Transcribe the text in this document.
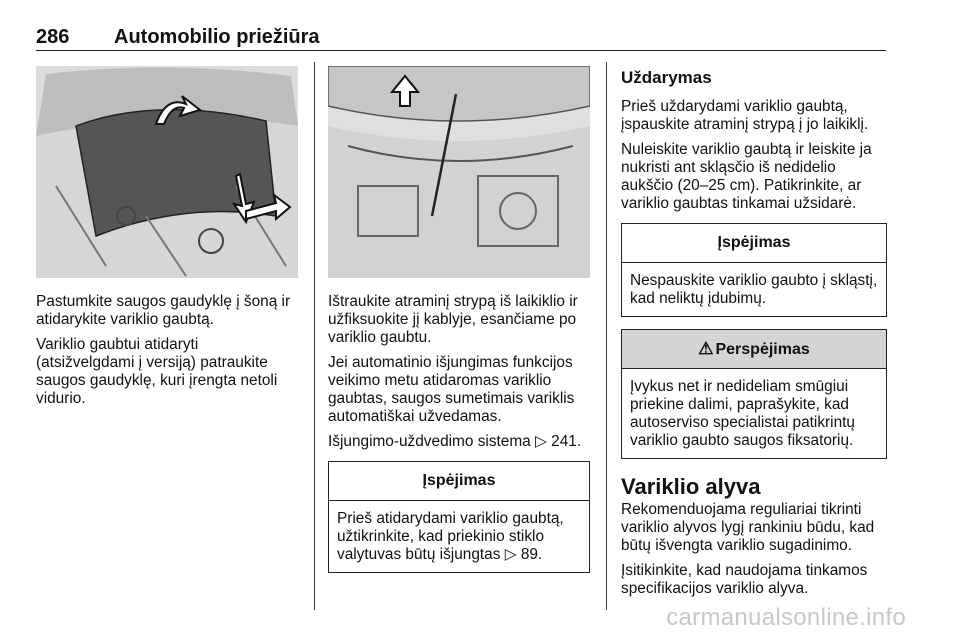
286 Automobilio priežiūra

Pastumkite saugos gaudyklę į šoną ir atidarykite variklio gaubtą.

Variklio gaubtui atidaryti (atsižvelgdami į versiją) patraukite saugos gaudyklę, kuri įrengta netoli vidurio.

Ištraukite atraminį strypą iš laikiklio ir užfiksuokite jį kablyje, esančiame po variklio gaubtu.

Jei automatinio išjungimas funkcijos veikimo metu atidaromas variklio gaubtas, saugos sumetimais variklis automatiškai užvedamas.

Išjungimo-uždvedimo sistema ▷ 241.

Įspėjimas
Prieš atidarydami variklio gaubtą, užtikrinkite, kad priekinio stiklo valytuvas būtų išjungtas ▷ 89.
Uždarymas

Prieš uždarydami variklio gaubtą, įspauskite atraminį strypą į jo laikiklį.

Nuleiskite variklio gaubtą ir leiskite ja nukristi ant skląsčio iš nedidelio aukščio (20–25 cm). Patikrinkite, ar variklio gaubtas tinkamai užsidarė.

Įspėjimas
Nespauskite variklio gaubto į skląstį, kad neliktų įdubimų.
⚠ Perspėjimas
Įvykus net ir nedideliam smūgiui priekine dalimi, paprašykite, kad autoserviso specialistai patikrintų variklio gaubto saugos fiksatorių.
Variklio alyva

Rekomenduojama reguliariai tikrinti variklio alyvos lygį rankiniu būdu, kad būtų išvengta variklio sugadinimo.

Įsitikinkite, kad naudojama tinkamos specifikacijos variklio alyva.

carmanualsonline.info
